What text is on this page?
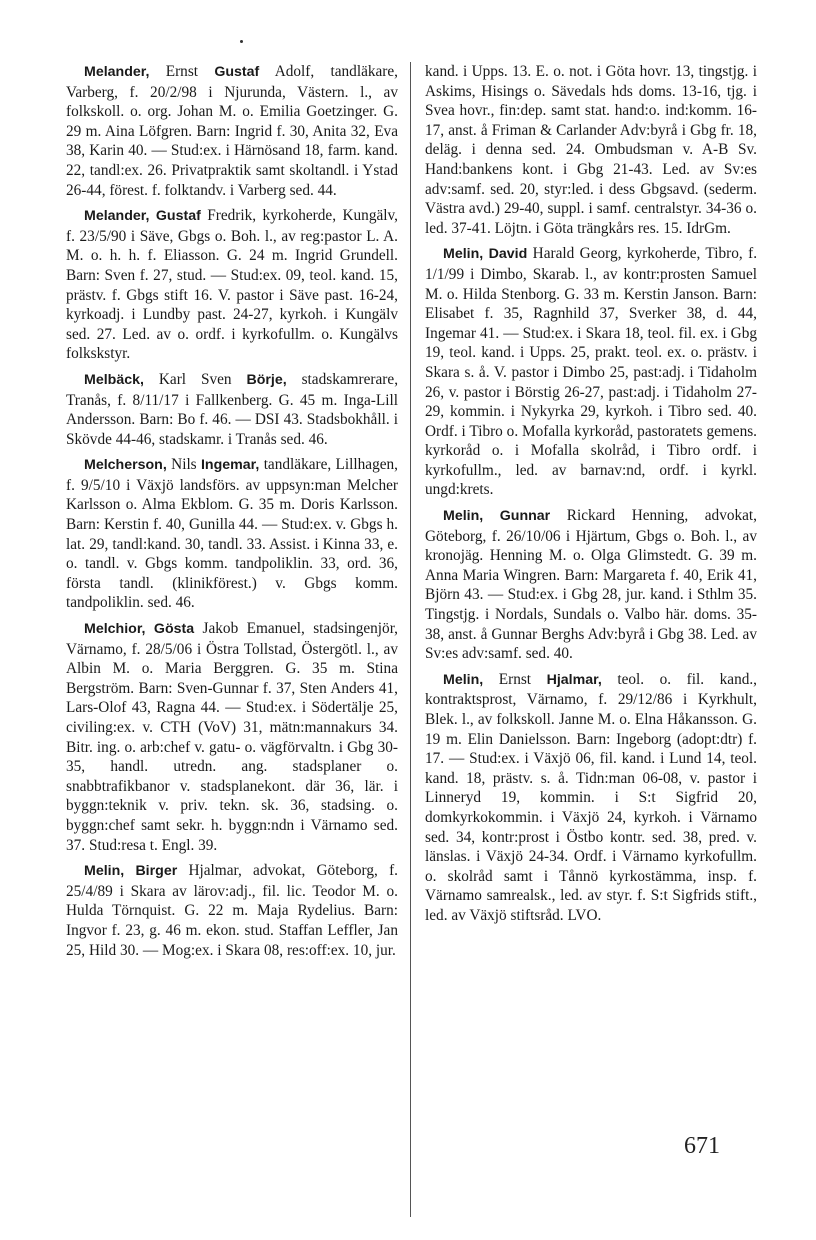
Melander, Ernst Gustaf Adolf, tandläkare, Varberg, f. 20/2/98 i Njurunda, Västern. l., av folkskoll. o. org. Johan M. o. Emilia Goetzinger. G. 29 m. Aina Löfgren. Barn: Ingrid f. 30, Anita 32, Eva 38, Karin 40. — Stud:ex. i Härnösand 18, farm. kand. 22, tandl:ex. 26. Privatpraktik samt skoltandl. i Ystad 26-44, förest. f. folktandv. i Varberg sed. 44.

Melander, Gustaf Fredrik, kyrkoherde, Kungälv, f. 23/5/90 i Säve, Gbgs o. Boh. l., av reg:pastor L. A. M. o. h. h. f. Eliasson. G. 24 m. Ingrid Grundell. Barn: Sven f. 27, stud. — Stud:ex. 09, teol. kand. 15, prästv. f. Gbgs stift 16. V. pastor i Säve past. 16-24, kyrkoadj. i Lundby past. 24-27, kyrkoh. i Kungälv sed. 27. Led. av o. ordf. i kyrkofullm. o. Kungälvs folkskstyr.

Melbäck, Karl Sven Börje, stadskamrerare, Tranås, f. 8/11/17 i Fallkenberg. G. 45 m. Inga-Lill Andersson. Barn: Bo f. 46. — DSI 43. Stadsbokhåll. i Skövde 44-46, stadskamr. i Tranås sed. 46.

Melcherson, Nils Ingemar, tandläkare, Lillhagen, f. 9/5/10 i Växjö landsförs. av uppsyn:man Melcher Karlsson o. Alma Ekblom. G. 35 m. Doris Karlsson. Barn: Kerstin f. 40, Gunilla 44. — Stud:ex. v. Gbgs h. lat. 29, tandl:kand. 30, tandl. 33. Assist. i Kinna 33, e. o. tandl. v. Gbgs komm. tandpoliklin. 33, ord. 36, första tandl. (klinikförest.) v. Gbgs komm. tandpoliklin. sed. 46.

Melchior, Gösta Jakob Emanuel, stadsingenjör, Värnamo, f. 28/5/06 i Östra Tollstad, Östergötl. l., av Albin M. o. Maria Berggren. G. 35 m. Stina Bergström. Barn: Sven-Gunnar f. 37, Sten Anders 41, Lars-Olof 43, Ragna 44. — Stud:ex. i Södertälje 25, civiling:ex. v. CTH (VoV) 31, mätn:mannakurs 34. Bitr. ing. o. arb:chef v. gatu- o. vägförvaltn. i Gbg 30-35, handl. utredn. ang. stadsplaner o. snabbtrafikbanor v. stadsplanekont. där 36, lär. i byggn:teknik v. priv. tekn. sk. 36, stadsing. o. byggn:chef samt sekr. h. byggn:ndn i Värnamo sed. 37. Stud:resa t. Engl. 39.

Melin, Birger Hjalmar, advokat, Göteborg, f. 25/4/89 i Skara av lärov:adj., fil. lic. Teodor M. o. Hulda Törnquist. G. 22 m. Maja Rydelius. Barn: Ingvor f. 23, g. 46 m. ekon. stud. Staffan Leffler, Jan 25, Hild 30. — Mog:ex. i Skara 08, res:off:ex. 10, jur.

kand. i Upps. 13. E. o. not. i Göta hovr. 13, tingstjg. i Askims, Hisings o. Sävedals hds doms. 13-16, tjg. i Svea hovr., fin:dep. samt stat. hand:o. ind:komm. 16-17, anst. å Friman & Carlander Adv:byrå i Gbg fr. 18, deläg. i denna sed. 24. Ombudsman v. A-B Sv. Hand:bankens kont. i Gbg 21-43. Led. av Sv:es adv:samf. sed. 20, styr:led. i dess Gbgsavd. (sederm. Västra avd.) 29-40, suppl. i samf. centralstyr. 34-36 o. led. 37-41. Löjtn. i Göta trängkårs res. 15. IdrGm.

Melin, David Harald Georg, kyrkoherde, Tibro, f. 1/1/99 i Dimbo, Skarab. l., av kontr:prosten Samuel M. o. Hilda Stenborg. G. 33 m. Kerstin Janson. Barn: Elisabet f. 35, Ragnhild 37, Sverker 38, d. 44, Ingemar 41. — Stud:ex. i Skara 18, teol. fil. ex. i Gbg 19, teol. kand. i Upps. 25, prakt. teol. ex. o. prästv. i Skara s. å. V. pastor i Dimbo 25, past:adj. i Tidaholm 26, v. pastor i Börstig 26-27, past:adj. i Tidaholm 27-29, kommin. i Nykyrka 29, kyrkoh. i Tibro sed. 40. Ordf. i Tibro o. Mofalla kyrkoråd, pastoratets gemens. kyrkoråd o. i Mofalla skolråd, i Tibro ordf. i kyrkofullm., led. av barnav:nd, ordf. i kyrkl. ungd:krets.

Melin, Gunnar Rickard Henning, advokat, Göteborg, f. 26/10/06 i Hjärtum, Gbgs o. Boh. l., av kronojäg. Henning M. o. Olga Glimstedt. G. 39 m. Anna Maria Wingren. Barn: Margareta f. 40, Erik 41, Björn 43. — Stud:ex. i Gbg 28, jur. kand. i Sthlm 35. Tingstjg. i Nordals, Sundals o. Valbo här. doms. 35-38, anst. å Gunnar Berghs Adv:byrå i Gbg 38. Led. av Sv:es adv:samf. sed. 40.

Melin, Ernst Hjalmar, teol. o. fil. kand., kontraktsprost, Värnamo, f. 29/12/86 i Kyrkhult, Blek. l., av folkskoll. Janne M. o. Elna Håkansson. G. 19 m. Elin Danielsson. Barn: Ingeborg (adopt:dtr) f. 17. — Stud:ex. i Växjö 06, fil. kand. i Lund 14, teol. kand. 18, prästv. s. å. Tidn:man 06-08, v. pastor i Linneryd 19, kommin. i S:t Sigfrid 20, domkyrkokommin. i Växjö 24, kyrkoh. i Värnamo sed. 34, kontr:prost i Östbo kontr. sed. 38, pred. v. länslas. i Växjö 24-34. Ordf. i Värnamo kyrkofullm. o. skolråd samt i Tånnö kyrkostämma, insp. f. Värnamo samrealsk., led. av styr. f. S:t Sigfrids stift., led. av Växjö stiftsråd. LVO.

671
